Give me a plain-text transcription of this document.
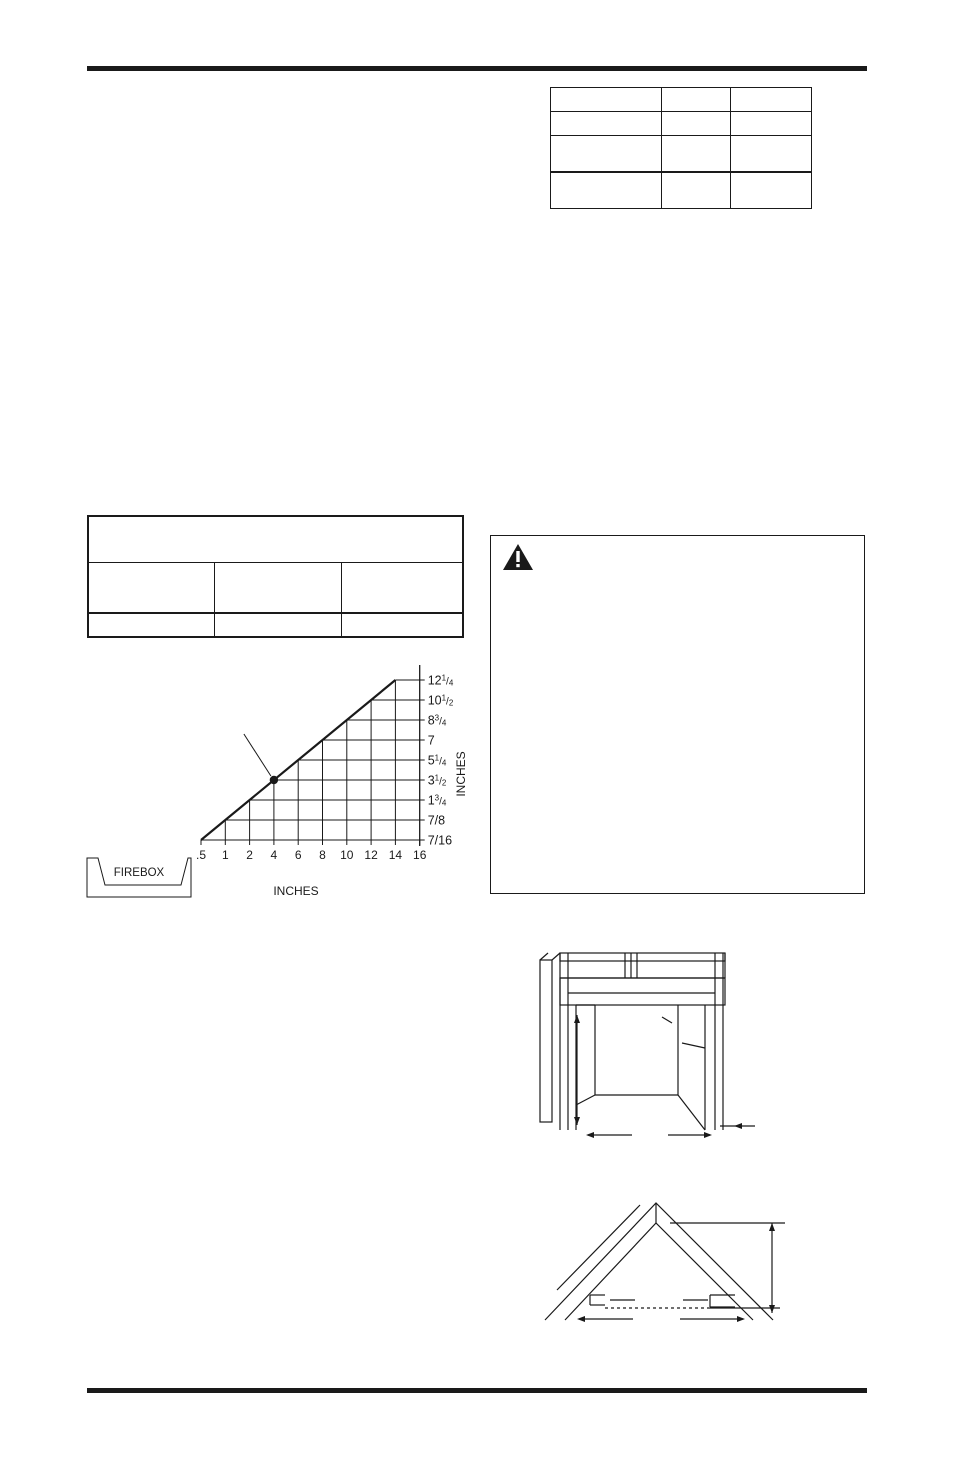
$12^1_/4$
$10^1_/2$
$8^3_/4$
7
$5^1_/4$
$3^1_/2$
$1^3_/4$
7/8
7/16
.5 1 2 4 6 8 10 12 14 16
INCHES
INCHES
FIREBOX
